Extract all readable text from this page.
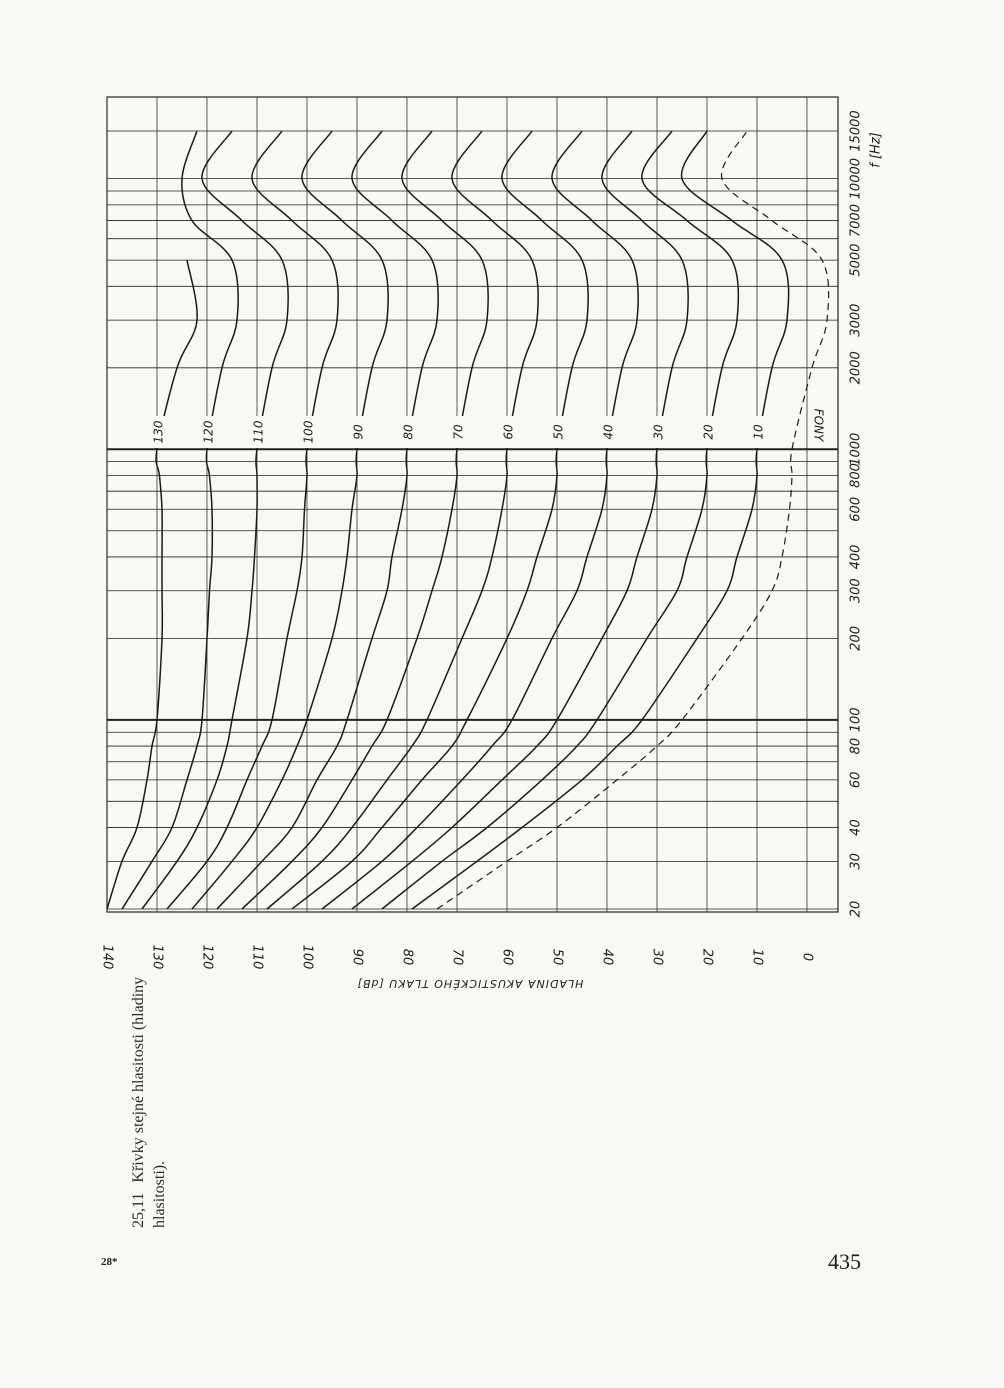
140	130	120	110	100	90	80	70	60	50	40	30	20	10	0
HLADINA AKUSTICKÉHO TLAKU [dB]
20
30
40
60
80
100
200
300
400
600
800
1000
2000
3000
5000
7000
10000
15000 f [Hz]
10
20
30
40
50
60
70
80
90
100
110
120
130	FONY
25,11Křivky stejné hlasitosti (hladiny hlasitosti).
28*	435
